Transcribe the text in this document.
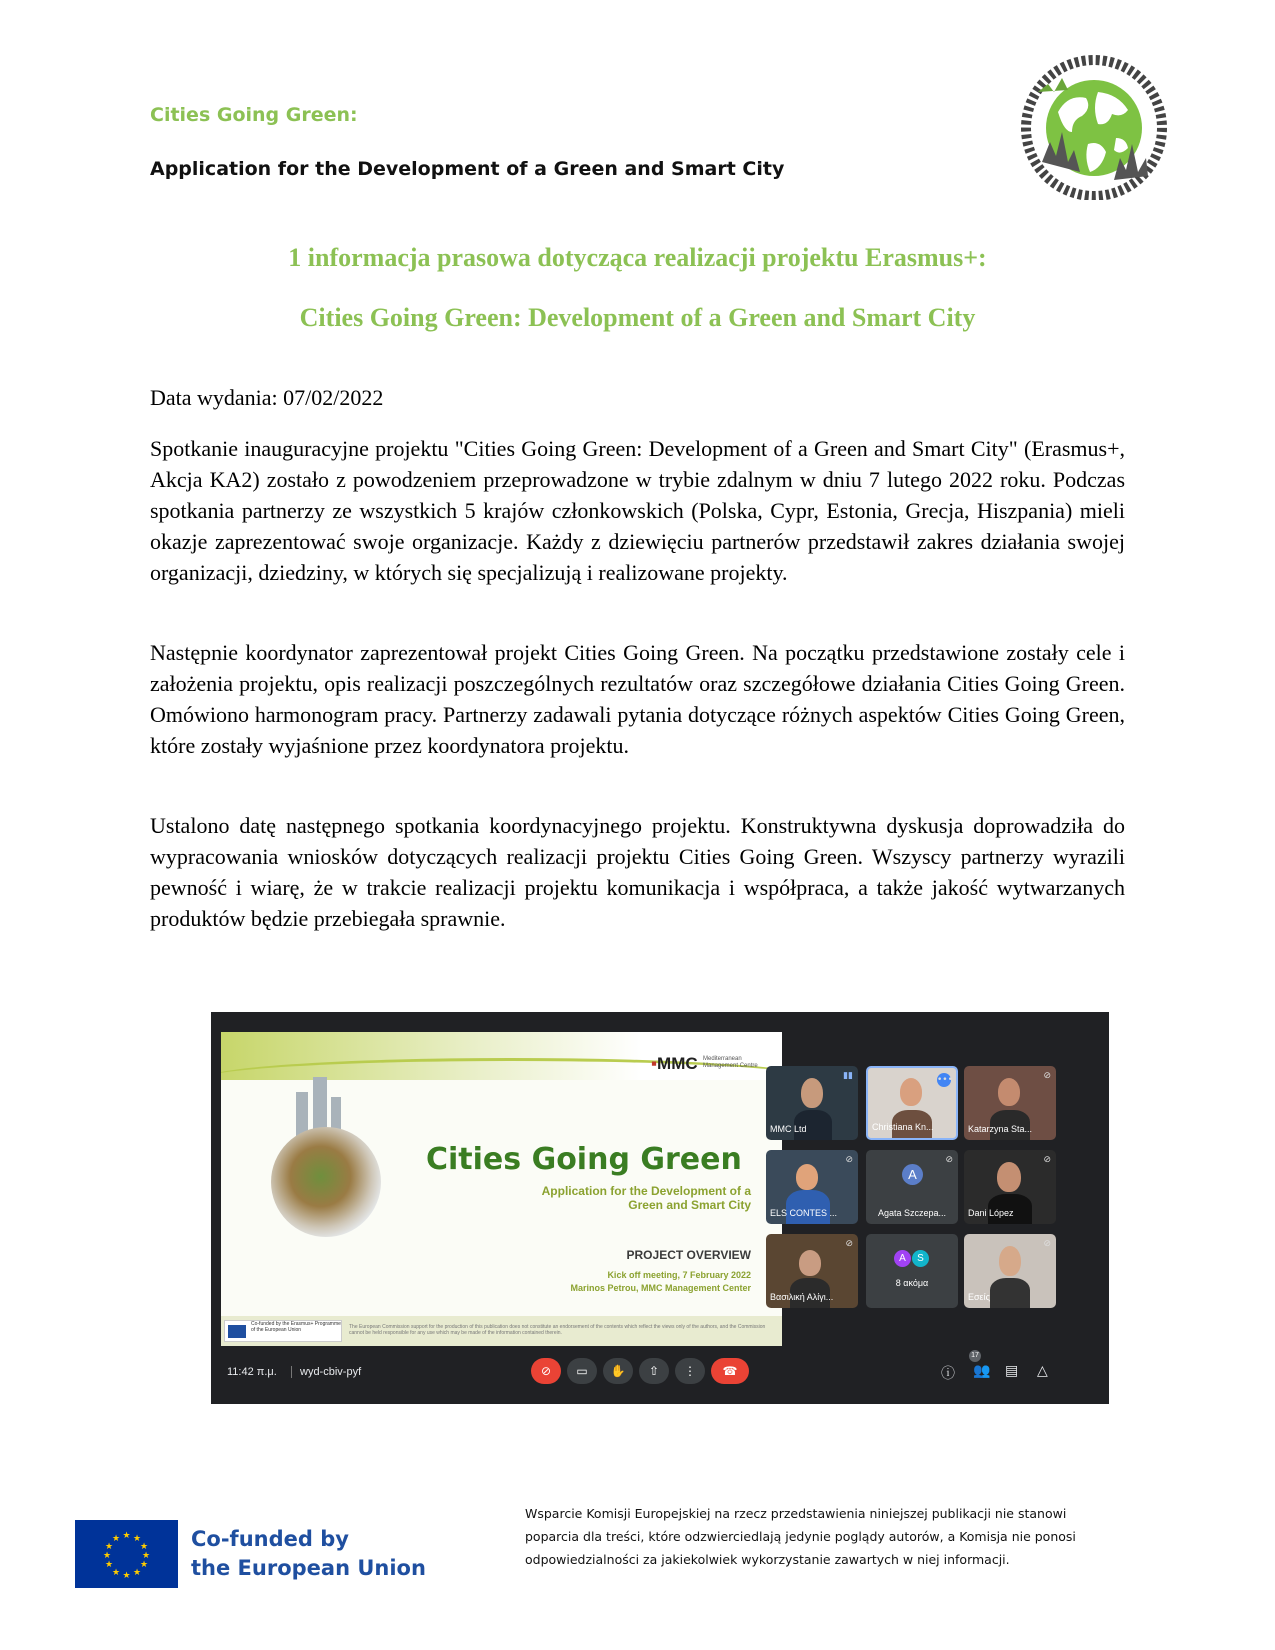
Cities Going Green:
Application for the Development of a Green and Smart City
1 informacja prasowa dotycząca realizacji projektu Erasmus+:
Cities Going Green: Development of a Green and Smart City
Data wydania: 07/02/2022

Spotkanie inauguracyjne projektu "Cities Going Green: Development of a Green and Smart City" (Erasmus+, Akcja KA2) zostało z powodzeniem przeprowadzone w trybie zdalnym w dniu 7 lutego 2022 roku. Podczas spotkania partnerzy ze wszystkich 5 krajów członkowskich (Polska, Cypr, Estonia, Grecja, Hiszpania) mieli okazje zaprezentować swoje organizacje. Każdy z dziewięciu partnerów przedstawił zakres działania swojej organizacji, dziedziny, w których się specjalizują i realizowane projekty.

Następnie koordynator zaprezentował projekt Cities Going Green. Na początku przedstawione zostały cele i założenia projektu, opis realizacji poszczególnych rezultatów oraz szczegółowe działania Cities Going Green. Omówiono harmonogram pracy. Partnerzy zadawali pytania dotyczące różnych aspektów Cities Going Green, które zostały wyjaśnione przez koordynatora projektu.

Ustalono datę następnego spotkania koordynacyjnego projektu. Konstruktywna dyskusja doprowadziła do wypracowania wniosków dotyczących realizacji projektu Cities Going Green. Wszyscy partnerzy wyrazili pewność i wiarę, że w trakcie realizacji projektu komunikacja i współpraca, a także jakość wytwarzanych produktów będzie przebiegała sprawnie.

▪MMC Mediterranean Management Centre
Cities Going Green
Application for the Development of a Green and Smart City
PROJECT OVERVIEW
Kick off meeting, 7 February 2022
Marinos Petrou, MMC Management Center
Co-funded by the Erasmus+ Programme of the European Union	The European Commission support for the production of this publication does not constitute an endorsement of the contents which reflect the views only of the authors, and the Commission cannot be held responsible for any use which may be made of the information contained therein.
▮▮
MMC Ltd
•••
Christiana Kn...
⊘
Katarzyna Sta...
⊘
ELS CONTES ...
A
⊘
Agata Szczepa...
⊘
Dani López
⊘
Βασιλική Αλίγι...
A	S
8 ακόμα
⊘
Εσείς
11:42 π.μ.	wyd-cbiv-pyf	⊘	▭	✋	⇧	⋮	☎	ⓘ 👥
17
▤ △
★ ★
★
★
★
★
★
★
★
★
★
★	Co-funded by
the European Union
Wsparcie Komisji Europejskiej na rzecz przedstawienia niniejszej publikacji nie stanowi poparcia dla treści, które odzwierciedlają jedynie poglądy autorów, a Komisja nie ponosi odpowiedzialności za jakiekolwiek wykorzystanie zawartych w niej informacji.
